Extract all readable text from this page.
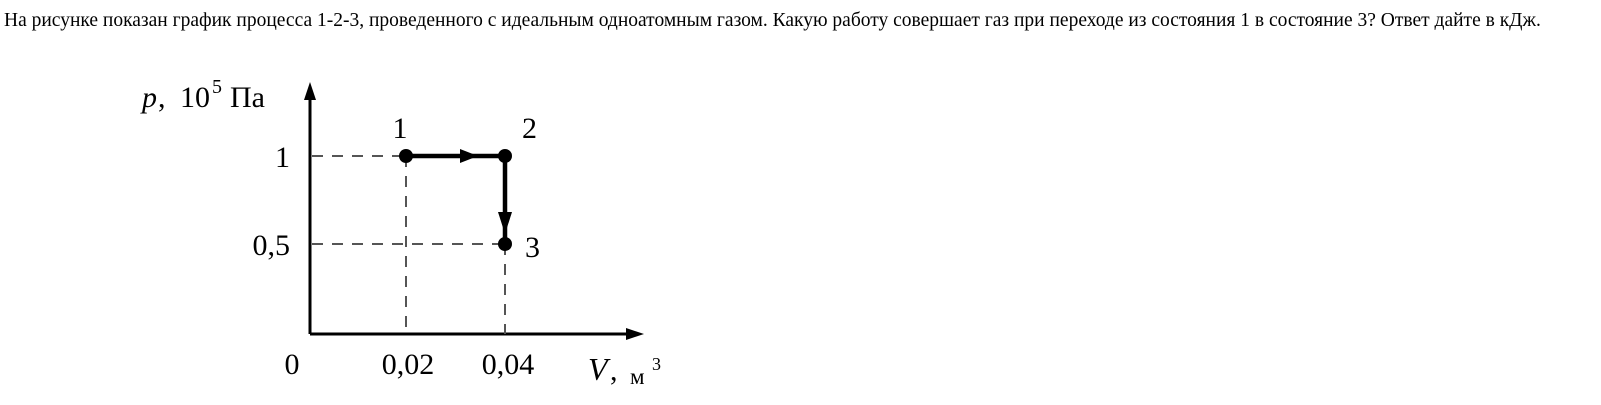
На рисунке показан график процесса 1-2-3, проведенного с идеальным одноатомным газом. Какую работу совершает газ при переходе из состояния 1 в состояние 3? Ответ дайте в кДж.
1	2
3
1
0,5
0	0,02 0,04
p , 10 5 Па
V , м 3
